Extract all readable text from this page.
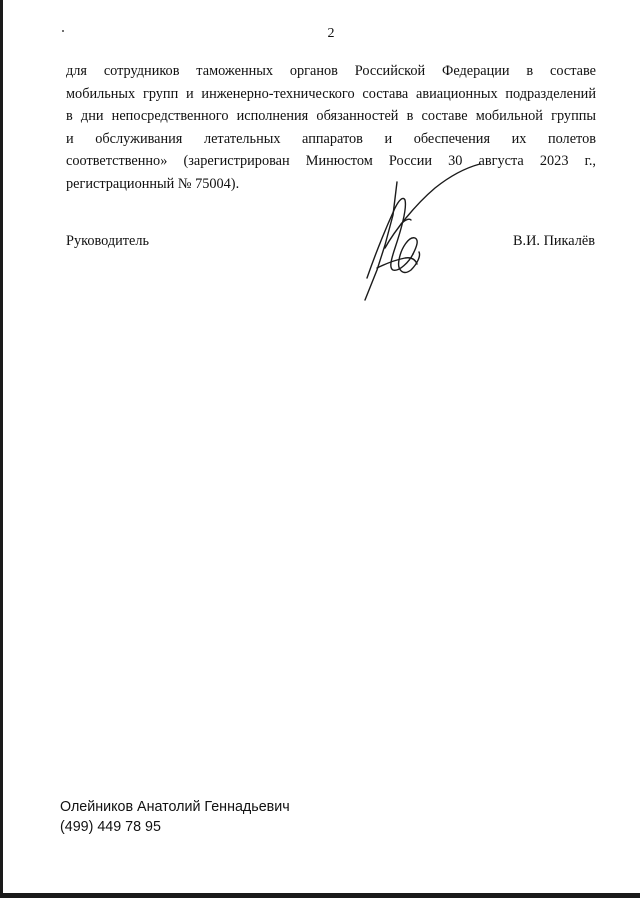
2
для сотрудников таможенных органов Российской Федерации в составе
мобильных групп и инженерно-технического состава авиационных подразделений
в дни непосредственного исполнения обязанностей в составе мобильной группы
и обслуживания летательных аппаратов и обеспечения их полетов
соответственно» (зарегистрирован Минюстом России 30 августа 2023 г.,
регистрационный № 75004).
Руководитель	В.И. Пикалёв
Олейников Анатолий Геннадьевич
(499) 449 78 95
